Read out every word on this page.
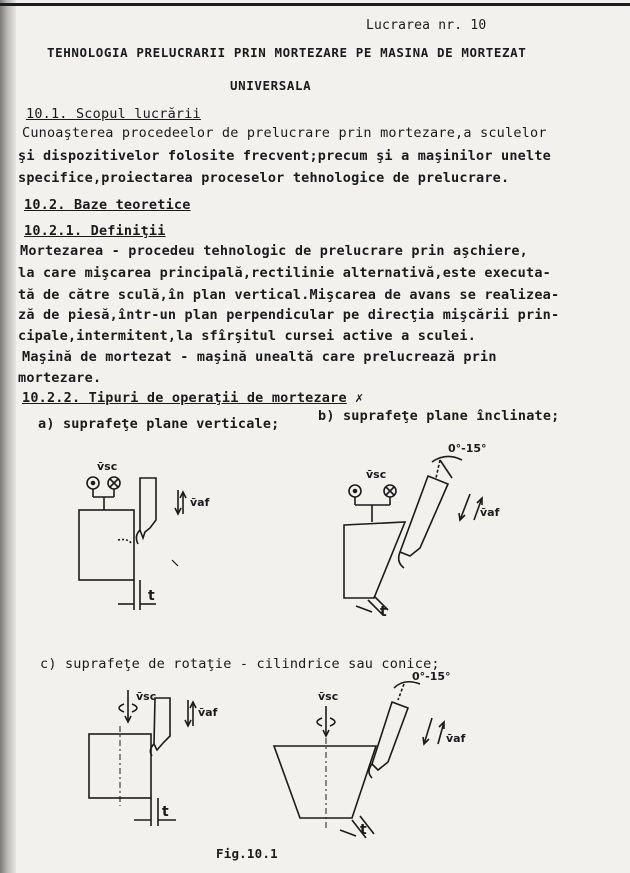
Lucrarea nr. 10
TEHNOLOGIA PRELUCRARII PRIN MORTEZARE PE MASINA DE MORTEZAT
UNIVERSALA
10.1. Scopul lucrării
Cunoaşterea procedeelor de prelucrare prin mortezare,a sculelor
şi dispozitivelor folosite frecvent;precum şi a maşinilor unelte
specifice,proiectarea proceselor tehnologice de prelucrare.
10.2. Baze teoretice
10.2.1. Definiţii
Mortezarea - procedeu tehnologic de prelucrare prin aşchiere,
la care mişcarea principală,rectilinie alternativă,este executa-
tă de către sculă,în plan vertical.Mişcarea de avans se realizea-
ză de piesă,într-un plan perpendicular pe direcţia mişcării prin-
cipale,intermitent,la sfîrşitul cursei active a sculei.
Maşină de mortezat - maşină unealtă care prelucrează prin
mortezare.
10.2.2. Tipuri de operaţii de mortezare ✗
a) suprafeţe plane verticale;	b) suprafeţe plane înclinate;
c) suprafeţe de rotaţie - cilindrice sau conice;
v̄sc
v̄af
t
v̄sc
0°-15°
v̄af
t
v̄sc
v̄af
t
v̄sc
0°-15°
v̄af
t
Fig.10.1
